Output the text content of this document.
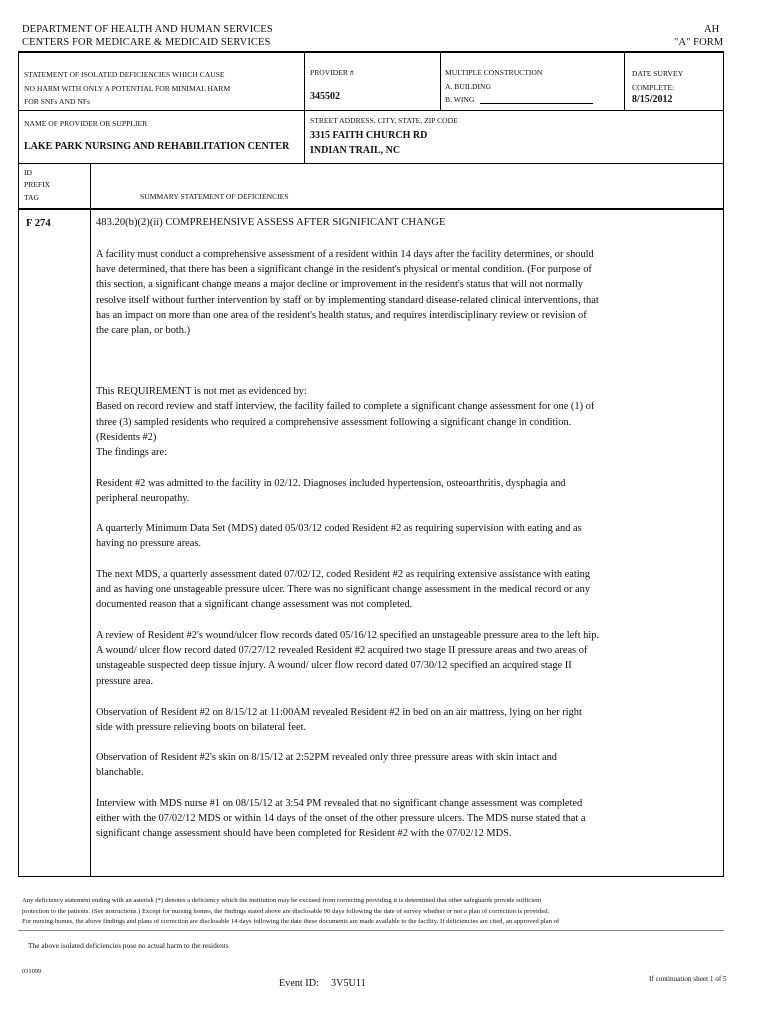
DEPARTMENT OF HEALTH AND HUMAN SERVICES
CENTERS FOR MEDICARE & MEDICAID SERVICES
AH
"A" FORM
STATEMENT OF ISOLATED DEFICIENCIES WHICH CAUSE
NO HARM WITH ONLY A POTENTIAL FOR MINIMAL HARM
FOR SNFs AND NFs
PROVIDER #
345502
MULTIPLE CONSTRUCTION
A. BUILDING
B. WING
DATE SURVEY
COMPLETE:
8/15/2012
NAME OF PROVIDER OR SUPPLIER
LAKE PARK NURSING AND REHABILITATION CENTER
STREET ADDRESS, CITY, STATE, ZIP CODE
3315 FAITH CHURCH RD
INDIAN TRAIL, NC
ID
PREFIX
TAG	SUMMARY STATEMENT OF DEFICIENCIES
F 274	483.20(b)(2)(ii) COMPREHENSIVE ASSESS AFTER SIGNIFICANT CHANGE

A facility must conduct a comprehensive assessment of a resident within 14 days after the facility determines, or should have determined, that there has been a significant change in the resident's physical or mental condition. (For purpose of this section, a significant change means a major decline or improvement in the resident's status that will not normally resolve itself without further intervention by staff or by implementing standard disease-related clinical interventions, that has an impact on more than one area of the resident's health status, and requires interdisciplinary review or revision of the care plan, or both.)

This REQUIREMENT is not met as evidenced by:
Based on record review and staff interview, the facility failed to complete a significant change assessment for one (1) of three (3) sampled residents who required a comprehensive assessment following a significant change in condition. (Residents #2)

The findings are:

Resident #2 was admitted to the facility in 02/12. Diagnoses included hypertension, osteoarthritis, dysphagia and peripheral neuropathy.

A quarterly Minimum Data Set (MDS) dated 05/03/12 coded Resident #2 as requiring supervision with eating and as having no pressure areas.

The next MDS, a quarterly assessment dated 07/02/12, coded Resident #2 as requiring extensive assistance with eating and as having one unstageable pressure ulcer. There was no significant change assessment in the medical record or any documented reason that a significant change assessment was not completed.

A review of Resident #2's wound/ulcer flow records dated 05/16/12 specified an unstageable pressure area to the left hip. A wound/ ulcer flow record dated 07/27/12 revealed Resident #2 acquired two stage II pressure areas and two areas of unstageable suspected deep tissue injury. A wound/ ulcer flow record dated 07/30/12 specified an acquired stage II pressure area.

Observation of Resident #2 on 8/15/12 at 11:00AM revealed Resident #2 in bed on an air mattress, lying on her right side with pressure relieving boots on bilateral feet.

Observation of Resident #2's skin on 8/15/12 at 2:52PM revealed only three pressure areas with skin intact and blanchable.

Interview with MDS nurse #1 on 08/15/12 at 3:54 PM revealed that no significant change assessment was completed either with the 07/02/12 MDS or within 14 days of the onset of the other pressure ulcers. The MDS nurse stated that a significant change assessment should have been completed for Resident #2 with the 07/02/12 MDS.

Any deficiency statement ending with an asterisk (*) denotes a deficiency which the institution may be excused from correcting providing it is determined that other safeguards provide sufficient
protection to the patients. (See instructions.) Except for nursing homes, the findings stated above are disclosable 90 days following the date of survey whether or not a plan of correction is provided.
For nursing homes, the above findings and plans of correction are disclosable 14 days following the date these documents are made available to the facility. If deficiencies are cited, an approved plan of
The above isolated deficiencies pose no actual harm to the residents
031099
Event ID: 3V5U11	If continuation sheet 1 of 5
